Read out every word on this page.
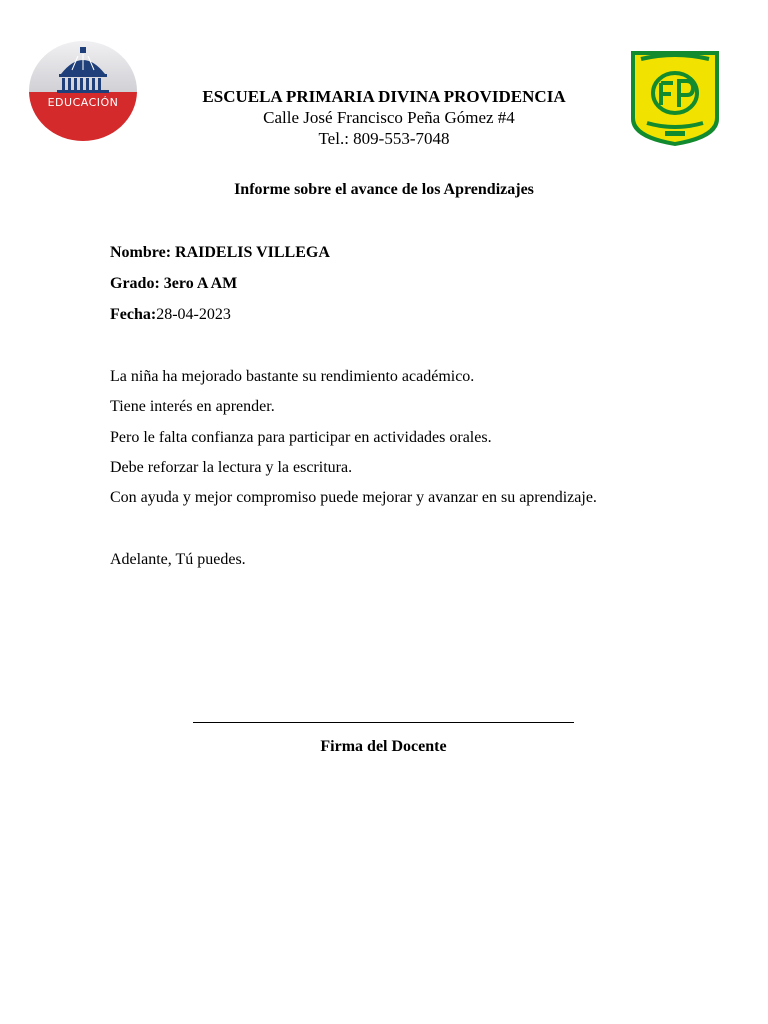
EDUCACIÓN	ESCUELA PRIMARIA DIVINA PROVIDENCIA
Calle José Francisco Peña Gómez #4
Tel.: 809-553-7048
Informe sobre el avance de los Aprendizajes
Nombre: RAIDELIS VILLEGA
Grado: 3ero A AM
Fecha:28-04-2023
La niña ha mejorado bastante su rendimiento académico.
Tiene interés en aprender.
Pero le falta confianza para participar en actividades orales.
Debe reforzar la lectura y la escritura.
Con ayuda y mejor compromiso puede mejorar y avanzar en su aprendizaje.
Adelante, Tú puedes.
Firma del Docente
